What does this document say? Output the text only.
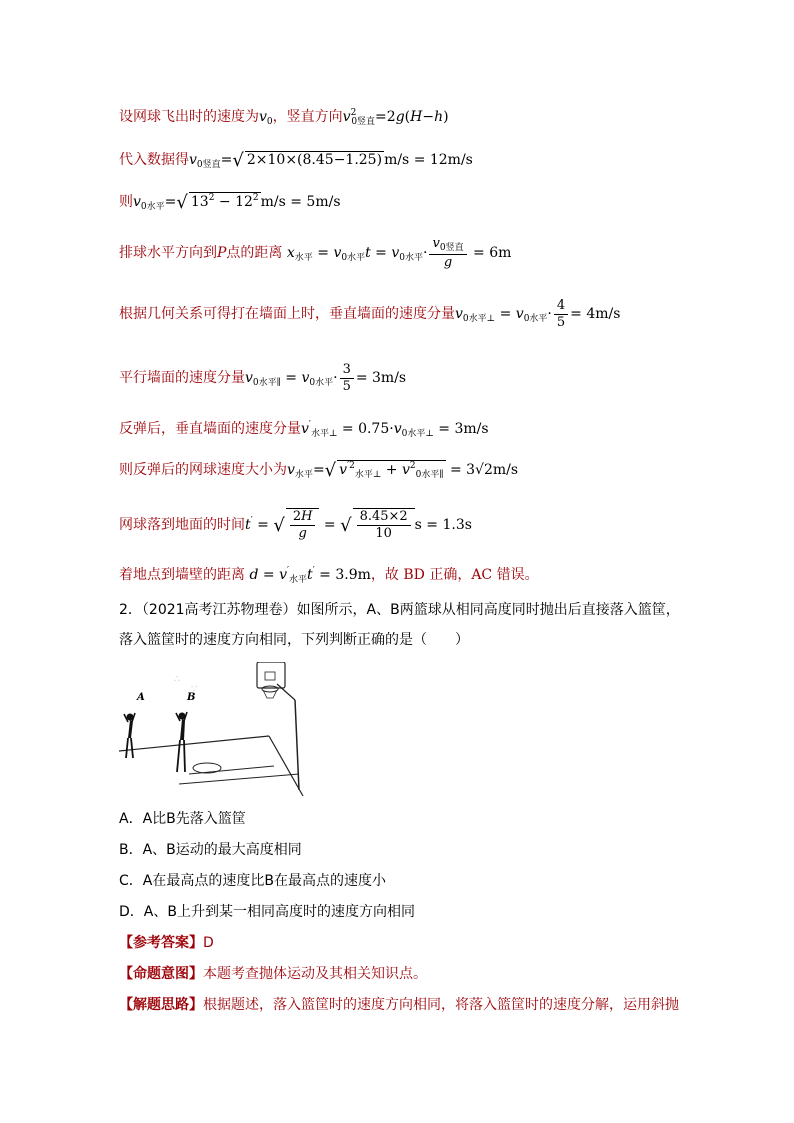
设网球飞出时的速度为$v_0$，竖直方向$v^2_{0竖直}=2g(H-h)$
代入数据得$v_{0竖直}=√$ 2×10×(8.45−1.25) m/s = 12m/s
则$v_{0水平}=√$ $13^2 - 12^2$ m/s = 5m/s
排球水平方向到P点的距离 $x_{水平} = v_{0水平}t = v_{0水平}\cdot \frac{v_{0竖直}}{g} = 6m$
根据几何关系可得打在墙面上时，垂直墙面的速度分量$v_{0水平\perp} = v_{0水平}\cdot \frac{4}{5} = 4m/s$
平行墙面的速度分量$v_{0水平\parallel} = v_{0水平}\cdot \frac{3}{5} = 3m/s$
反弹后，垂直墙面的速度分量$v'_{水平\perp} = 0.75\cdot v_{0水平\perp} = 3m/s$
则反弹后的网球速度大小为$v_{水平}=√$ $v^{'2}_{水平\perp} + v^2_{0水平\parallel} = 3√2m/s$
网球落到地面的时间t′ = √ $\frac{2H}{g}$ = √ $\frac{8.45\times 2}{10}$ s = 1.3s
着地点到墙壁的距离 $d = v'_{水平}t' = 3.9m$，故 BD 正确，AC 错误。
2．（2021高考江苏物理卷）如图所示，A、B两篮球从相同高度同时抛出后直接落入篮筐，
落入篮筐时的速度方向相同，下列判断正确的是（　　）
∴
∵
A	B
A．A比B先落入篮筐
B．A、B运动的最大高度相同
C．A在最高点的速度比B在最高点的速度小
D．A、B上升到某一相同高度时的速度方向相同
【参考答案】D
【命题意图】本题考查抛体运动及其相关知识点。
【解题思路】根据题述，落入篮筐时的速度方向相同，将落入篮筐时的速度分解，运用斜抛
